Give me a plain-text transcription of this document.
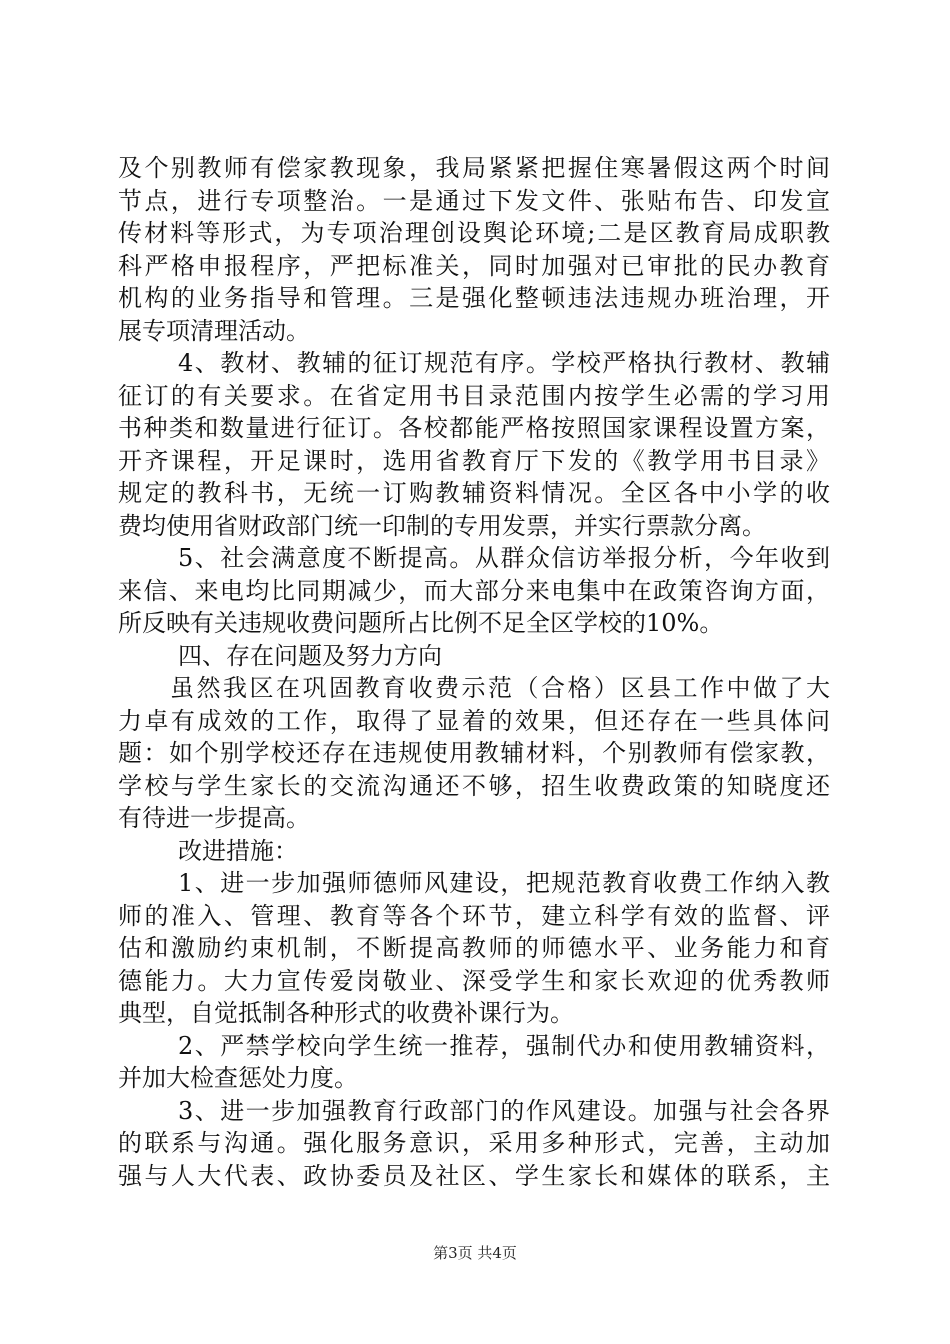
及个别教师有偿家教现象，我局紧紧把握住寒暑假这两个时间
节点，进行专项整治。一是通过下发文件、张贴布告、印发宣
传材料等形式，为专项治理创设舆论环境;二是区教育局成职教
科严格申报程序，严把标准关，同时加强对已审批的民办教育
机构的业务指导和管理。三是强化整顿违法违规办班治理，开
展专项清理活动。
4、教材、教辅的征订规范有序。学校严格执行教材、教辅
征订的有关要求。在省定用书目录范围内按学生必需的学习用
书种类和数量进行征订。各校都能严格按照国家课程设置方案，
开齐课程，开足课时，选用省教育厅下发的《教学用书目录》
规定的教科书，无统一订购教辅资料情况。全区各中小学的收
费均使用省财政部门统一印制的专用发票，并实行票款分离。
5、社会满意度不断提高。从群众信访举报分析，今年收到
来信、来电均比同期减少，而大部分来电集中在政策咨询方面，
所反映有关违规收费问题所占比例不足全区学校的10%。
四、存在问题及努力方向
虽然我区在巩固教育收费示范（合格）区县工作中做了大
力卓有成效的工作，取得了显着的效果，但还存在一些具体问
题：如个别学校还存在违规使用教辅材料，个别教师有偿家教，
学校与学生家长的交流沟通还不够，招生收费政策的知晓度还
有待进一步提高。
改进措施：
1、进一步加强师德师风建设，把规范教育收费工作纳入教
师的准入、管理、教育等各个环节，建立科学有效的监督、评
估和激励约束机制，不断提高教师的师德水平、业务能力和育
德能力。大力宣传爱岗敬业、深受学生和家长欢迎的优秀教师
典型，自觉抵制各种形式的收费补课行为。
2、严禁学校向学生统一推荐，强制代办和使用教辅资料，
并加大检查惩处力度。
3、进一步加强教育行政部门的作风建设。加强与社会各界
的联系与沟通。强化服务意识，采用多种形式，完善，主动加
强与人大代表、政协委员及社区、学生家长和媒体的联系，主
第3页 共4页
